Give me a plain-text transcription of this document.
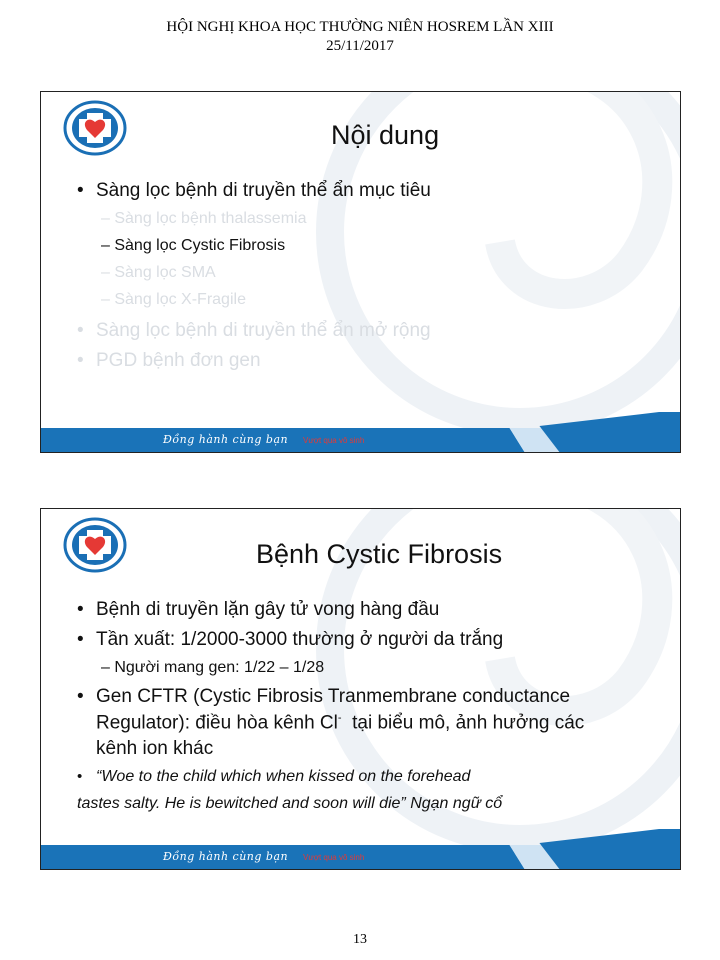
HỘI NGHỊ KHOA HỌC THƯỜNG NIÊN HOSREM LẦN XIII
25/11/2017
Nội dung
• Sàng lọc bệnh di truyền thể ẩn mục tiêu
– Sàng lọc bệnh thalassemia
– Sàng lọc Cystic Fibrosis
– Sàng lọc SMA
– Sàng lọc X-Fragile
• Sàng lọc bệnh di truyền thể ẩn mở rộng
• PGD bệnh đơn gen
Đồng hành cùng bạn Vượt qua vô sinh
Bệnh Cystic Fibrosis
• Bệnh di truyền lặn gây tử vong hàng đầu
• Tần xuất: 1/2000-3000 thường ở người da trắng
– Người mang gen: 1/22 – 1/28
• Gen CFTR (Cystic Fibrosis Tranmembrane conductance
Regulator): điều hòa kênh Cl-  tại biểu mô, ảnh hưởng các
kênh ion khác
• “Woe to the child which when kissed on the forehead
tastes salty. He is bewitched and soon will die” Ngạn ngữ cổ
Đồng hành cùng bạn Vượt qua vô sinh
13
